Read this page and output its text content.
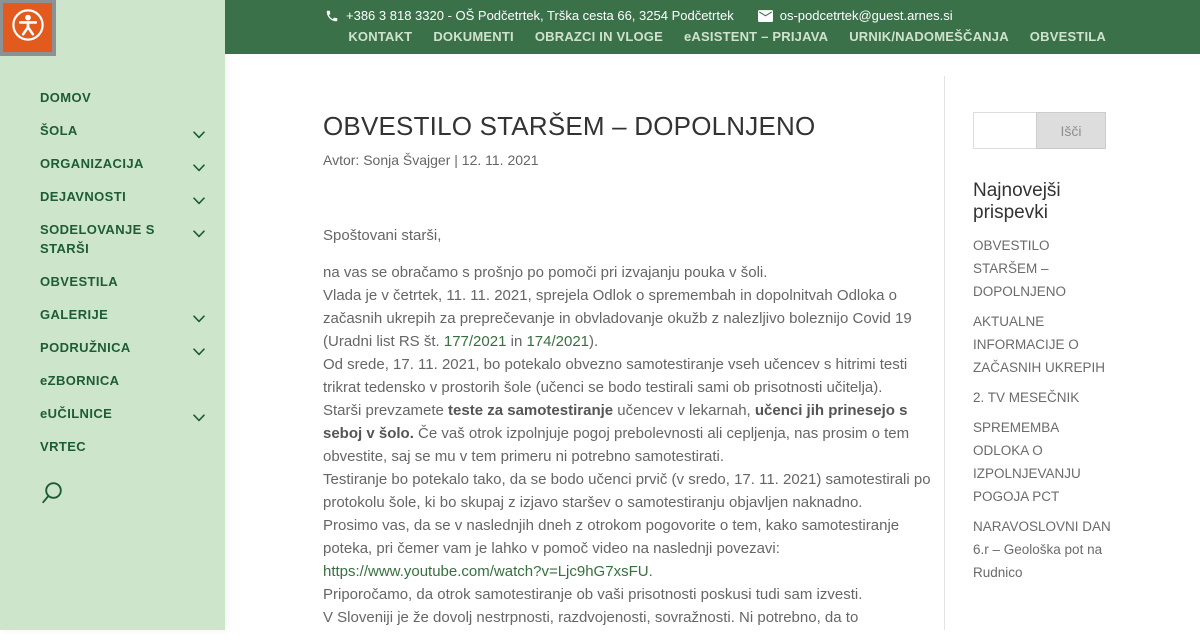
DOMOV
ŠOLA
ORGANIZACIJA
DEJAVNOSTI
SODELOVANJE S STARŠI
OBVESTILA
GALERIJE
PODRUŽNICA
eZBORNICA
eUČILNICE
VRTEC
+386 3 818 3320 - OŠ Podčetrtek, Trška cesta 66, 3254 Podčetrtek	os-podcetrtek@guest.arnes.si
KONTAKT DOKUMENTI OBRAZCI IN VLOGE eASISTENT – PRIJAVA URNIK/NADOMEŠČANJA OBVESTILA
OBVESTILO STARŠEM – DOPOLNJENO

Avtor: Sonja Švajger | 12. 11. 2021

Spoštovani starši,

na vas se obračamo s prošnjo po pomoči pri izvajanju pouka v šoli.
Vlada je v četrtek, 11. 11. 2021, sprejela Odlok o spremembah in dopolnitvah Odloka o začasnih ukrepih za preprečevanje in obvladovanje okužb z nalezljivo boleznijo Covid 19 (Uradni list RS št. 177/2021 in 174/2021).
Od srede, 17. 11. 2021, bo potekalo obvezno samotestiranje vseh učencev s hitrimi testi trikrat tedensko v prostorih šole (učenci se bodo testirali sami ob prisotnosti učitelja).
Starši prevzamete teste za samotestiranje učencev v lekarnah, učenci jih prinesejo s seboj v šolo. Če vaš otrok izpolnjuje pogoj prebolevnosti ali cepljenja, nas prosim o tem obvestite, saj se mu v tem primeru ni potrebno samotestirati.
Testiranje bo potekalo tako, da se bodo učenci prvič (v sredo, 17. 11. 2021) samotestirali po protokolu šole, ki bo skupaj z izjavo staršev o samotestiranju objavljen naknadno.
Prosimo vas, da se v naslednjih dneh z otrokom pogovorite o tem, kako samotestiranje poteka, pri čemer vam je lahko v pomoč video na naslednji povezavi:
https://www.youtube.com/watch?v=Ljc9hG7xsFU.
Priporočamo, da otrok samotestiranje ob vaši prisotnosti poskusi tudi sam izvesti.
V Sloveniji je že dovolj nestrpnosti, razdvojenosti, sovražnosti. Ni potrebno, da to

Išči
Najnovejši prispevki
OBVESTILO STARŠEM – DOPOLNJENO
AKTUALNE INFORMACIJE O ZAČASNIH UKREPIH
2. TV MESEČNIK
SPREMEMBA ODLOKA O IZPOLNJEVANJU POGOJA PCT
NARAVOSLOVNI DAN 6.r – Geološka pot na Rudnico
